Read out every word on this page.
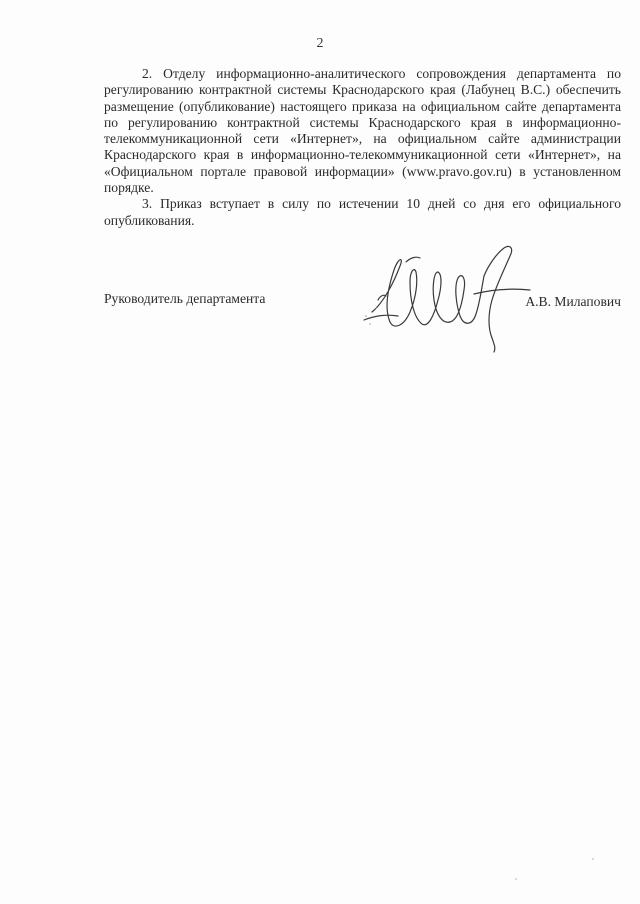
2

2. Отделу информационно-аналитического сопровождения департамента по регулированию контрактной системы Краснодарского края (Лабунец В.С.) обеспечить размещение (опубликование) настоящего приказа на официальном сайте департамента по регулированию контрактной системы Краснодарского края в информационно-телекоммуникационной сети «Интернет», на официальном сайте администрации Краснодарского края в информационно-телекоммуникационной сети «Интернет», на «Официальном портале правовой информации» (www.pravo.gov.ru) в установленном порядке.

3. Приказ вступает в силу по истечении 10 дней со дня его официального опубликования.

Руководитель департамента	А.В. Милапович
